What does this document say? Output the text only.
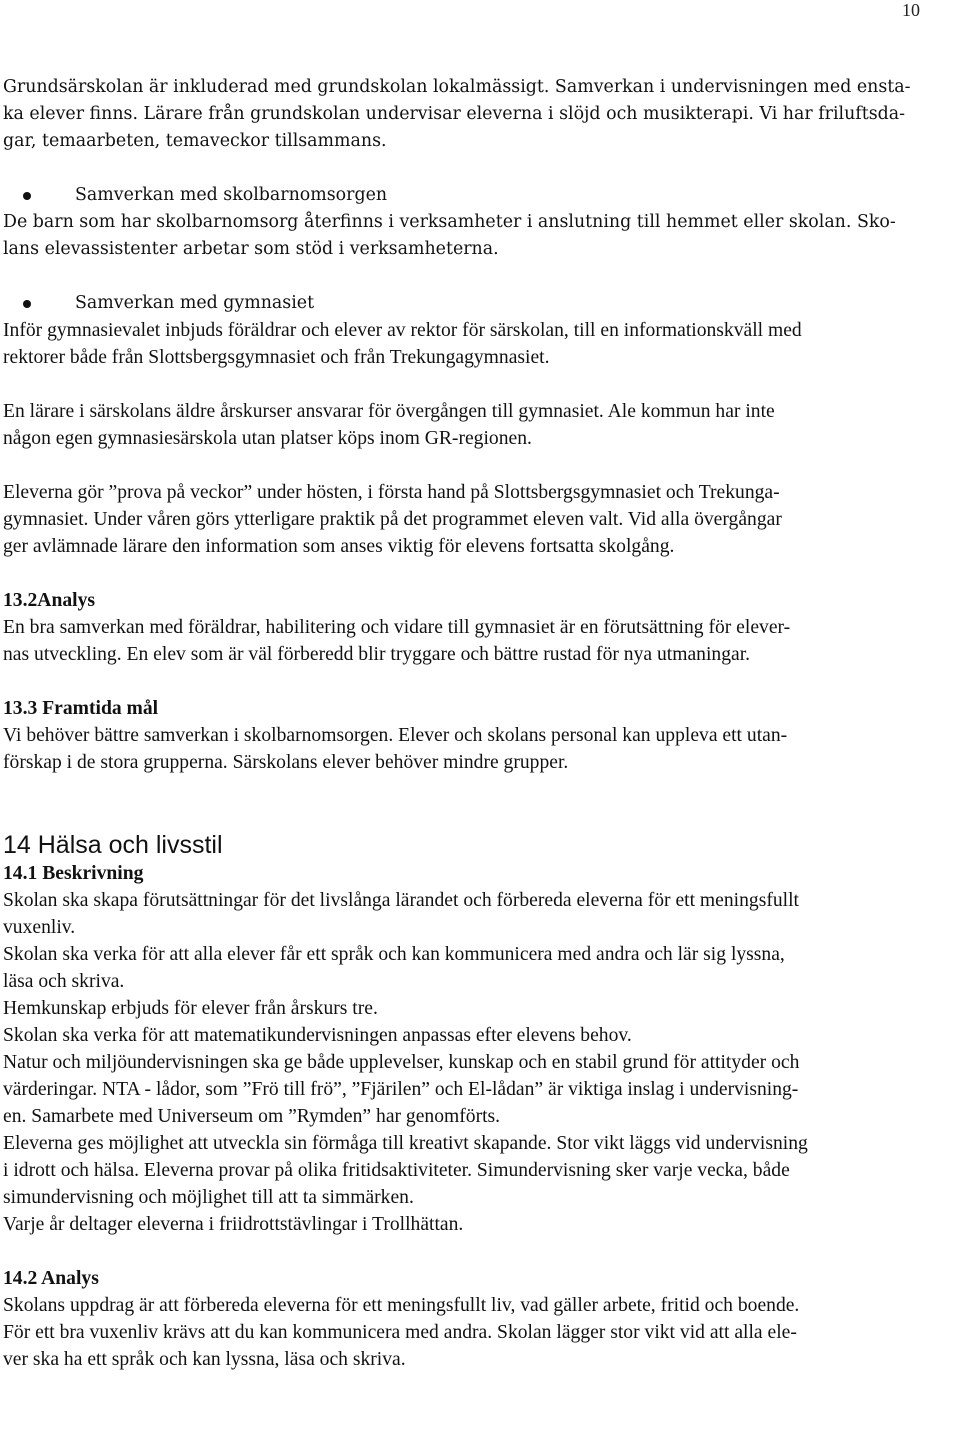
10

Grundsärskolan är inkluderad med grundskolan lokalmässigt. Samverkan i undervisningen med ensta-

ka elever finns. Lärare från grundskolan undervisar eleverna i slöjd och musikterapi. Vi har friluftsda-

gar, temaarbeten, temaveckor tillsammans.

Samverkan med skolbarnomsorgen

De barn som har skolbarnomsorg återfinns i verksamheter i anslutning till hemmet eller skolan. Sko-

lans elevassistenter arbetar som stöd i verksamheterna.

Samverkan med gymnasiet

Inför gymnasievalet inbjuds föräldrar och elever av rektor för särskolan, till en informationskväll med

rektorer både från Slottsbergsgymnasiet och från Trekungagymnasiet.

En lärare i särskolans äldre årskurser ansvarar för övergången till gymnasiet. Ale kommun har inte

någon egen gymnasiesärskola utan platser köps inom GR-regionen.

Eleverna gör ”prova på veckor” under hösten, i första hand på Slottsbergsgymnasiet och Trekunga-

gymnasiet. Under våren görs ytterligare praktik på det programmet eleven valt. Vid alla övergångar

ger avlämnade lärare den information som anses viktig för elevens fortsatta skolgång.

13.2Analys

En bra samverkan med föräldrar, habilitering och vidare till gymnasiet är en förutsättning för elever-

nas utveckling. En elev som är väl förberedd blir tryggare och bättre rustad för nya utmaningar.

13.3 Framtida mål

Vi behöver bättre samverkan i skolbarnomsorgen. Elever och skolans personal kan uppleva ett utan-

förskap i de stora grupperna. Särskolans elever behöver mindre grupper.

14 Hälsa och livsstil

14.1 Beskrivning

Skolan ska skapa förutsättningar för det livslånga lärandet och förbereda eleverna för ett meningsfullt

vuxenliv.

Skolan ska verka för att alla elever får ett språk och kan kommunicera med andra och lär sig lyssna,

läsa och skriva.

Hemkunskap erbjuds för elever från årskurs tre.

Skolan ska verka för att matematikundervisningen anpassas efter elevens behov.

Natur och miljöundervisningen ska ge både upplevelser, kunskap och en stabil grund för attityder och

värderingar. NTA - lådor, som ”Frö till frö”, ”Fjärilen” och El-lådan” är viktiga inslag i undervisning-

en. Samarbete med Universeum om ”Rymden” har genomförts.

Eleverna ges möjlighet att utveckla sin förmåga till kreativt skapande. Stor vikt läggs vid undervisning

i idrott och hälsa. Eleverna provar på olika fritidsaktiviteter. Simundervisning sker varje vecka, både

simundervisning och möjlighet till att ta simmärken.

Varje år deltager eleverna i friidrottstävlingar i Trollhättan.

14.2 Analys

Skolans uppdrag är att förbereda eleverna för ett meningsfullt liv, vad gäller arbete, fritid och boende.

För ett bra vuxenliv krävs att du kan kommunicera med andra. Skolan lägger stor vikt vid att alla ele-

ver ska ha ett språk och kan lyssna, läsa och skriva.
